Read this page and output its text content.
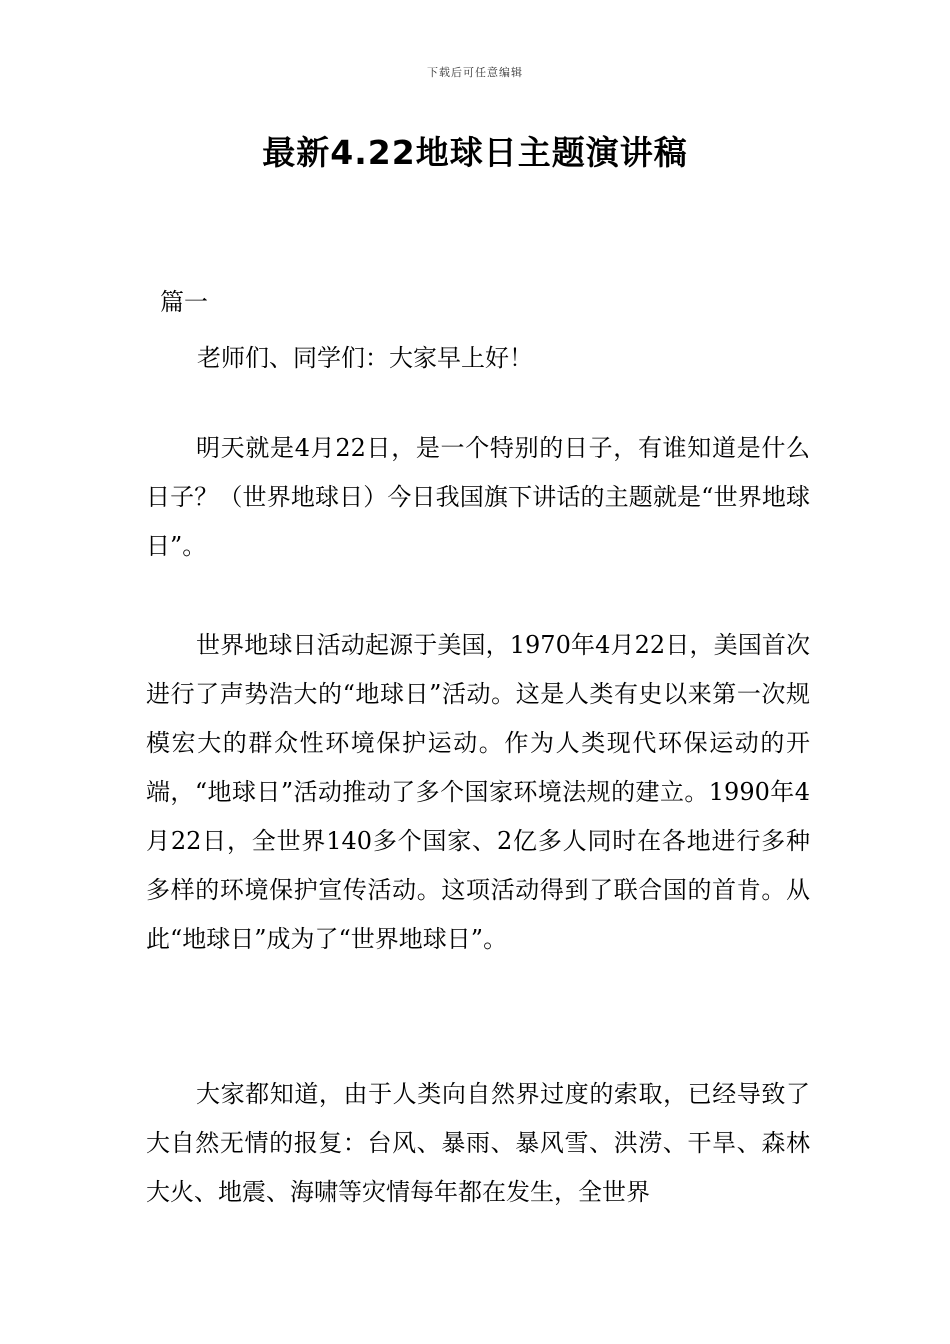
下载后可任意编辑
最新4.22地球日主题演讲稿
篇一
老师们、同学们：大家早上好！

明天就是4月22日，是一个特别的日子，有谁知道是什么日子？（世界地球日）今日我国旗下讲话的主题就是“世界地球日”。

世界地球日活动起源于美国，1970年4月22日，美国首次进行了声势浩大的“地球日”活动。这是人类有史以来第一次规模宏大的群众性环境保护运动。作为人类现代环保运动的开端，“地球日”活动推动了多个国家环境法规的建立。1990年4月22日，全世界140多个国家、2亿多人同时在各地进行多种多样的环境保护宣传活动。这项活动得到了联合国的首肯。从此“地球日”成为了“世界地球日”。

大家都知道，由于人类向自然界过度的索取，已经导致了大自然无情的报复：台风、暴雨、暴风雪、洪涝、干旱、森林大火、地震、海啸等灾情每年都在发生，全世界
